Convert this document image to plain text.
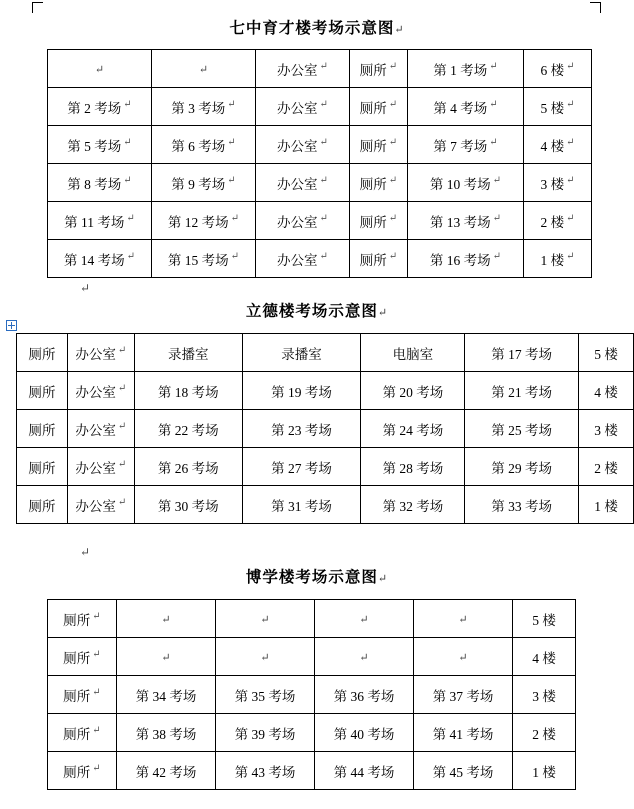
七中育才楼考场示意图↵
↵	↵	办公室 ↵	厕所 ↵	第 1 考场 ↵	6 楼 ↵
第 2 考场 ↵	第 3 考场 ↵	办公室 ↵	厕所 ↵	第 4 考场 ↵	5 楼 ↵
第 5 考场 ↵	第 6 考场 ↵	办公室 ↵	厕所 ↵	第 7 考场 ↵	4 楼 ↵
第 8 考场 ↵	第 9 考场 ↵	办公室 ↵	厕所 ↵	第 10 考场 ↵	3 楼 ↵
第 11 考场 ↵	第 12 考场 ↵	办公室 ↵	厕所 ↵	第 13 考场 ↵	2 楼 ↵
第 14 考场 ↵	第 15 考场 ↵	办公室 ↵	厕所 ↵	第 16 考场 ↵	1 楼 ↵
↵
立德楼考场示意图↵
厕所	办公室 ↵	录播室	录播室	电脑室	第 17 考场	5 楼
厕所	办公室 ↵	第 18 考场	第 19 考场	第 20 考场	第 21 考场	4 楼
厕所	办公室 ↵	第 22 考场	第 23 考场	第 24 考场	第 25 考场	3 楼
厕所	办公室 ↵	第 26 考场	第 27 考场	第 28 考场	第 29 考场	2 楼
厕所	办公室 ↵	第 30 考场	第 31 考场	第 32 考场	第 33 考场	1 楼
↵
博学楼考场示意图↵
厕所 ↵	↵	↵	↵	↵	5 楼
厕所 ↵	↵	↵	↵	↵	4 楼
厕所 ↵	第 34 考场	第 35 考场	第 36 考场	第 37 考场	3 楼
厕所 ↵	第 38 考场	第 39 考场	第 40 考场	第 41 考场	2 楼
厕所 ↵	第 42 考场	第 43 考场	第 44 考场	第 45 考场	1 楼
